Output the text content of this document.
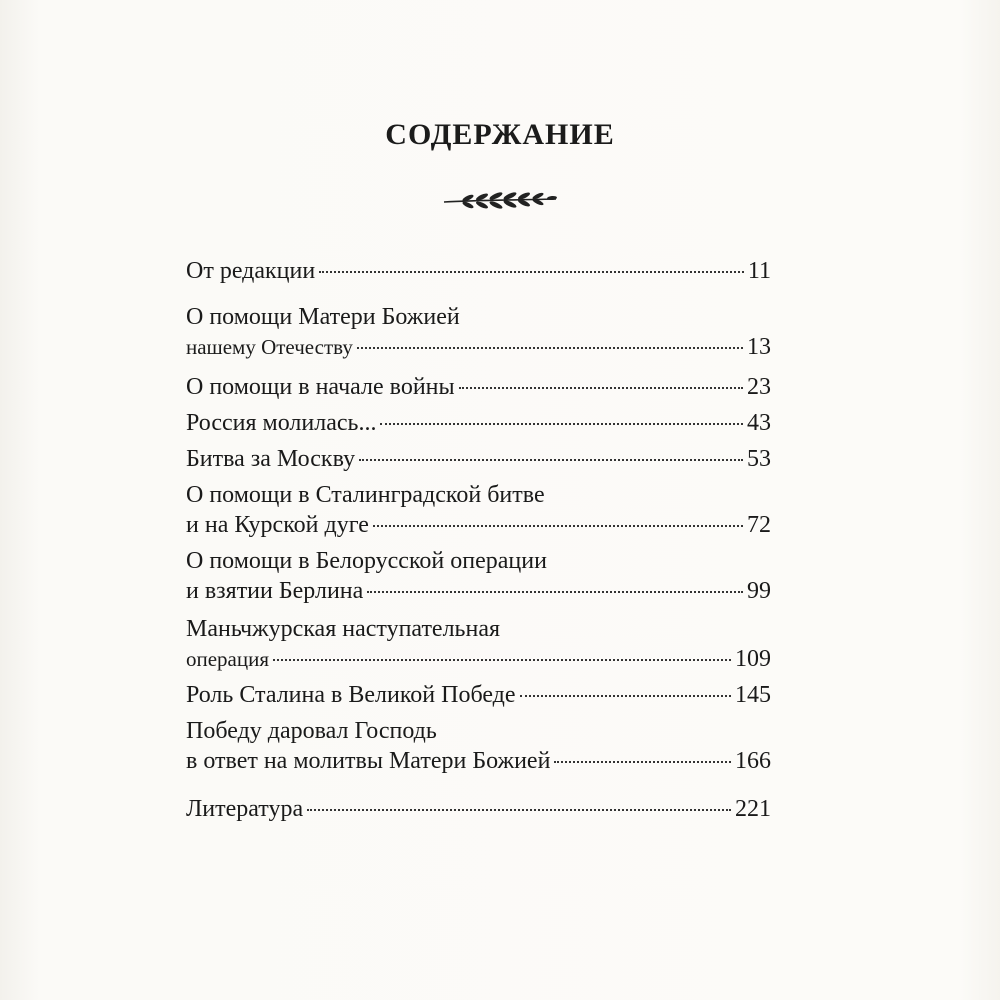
СОДЕРЖАНИЕ
От редакции	11
О помощи Матери Божией
нашему Отечеству	13
О помощи в начале войны	23
Россия молилась...	43
Битва за Москву	53
О помощи в Сталинградской битве
и на Курской дуге	72
О помощи в Белорусской операции
и взятии Берлина	99
Маньчжурская наступательная
операция	109
Роль Сталина в Великой Победе	145
Победу даровал Господь
в ответ на молитвы Матери Божией	166
Литература	221
